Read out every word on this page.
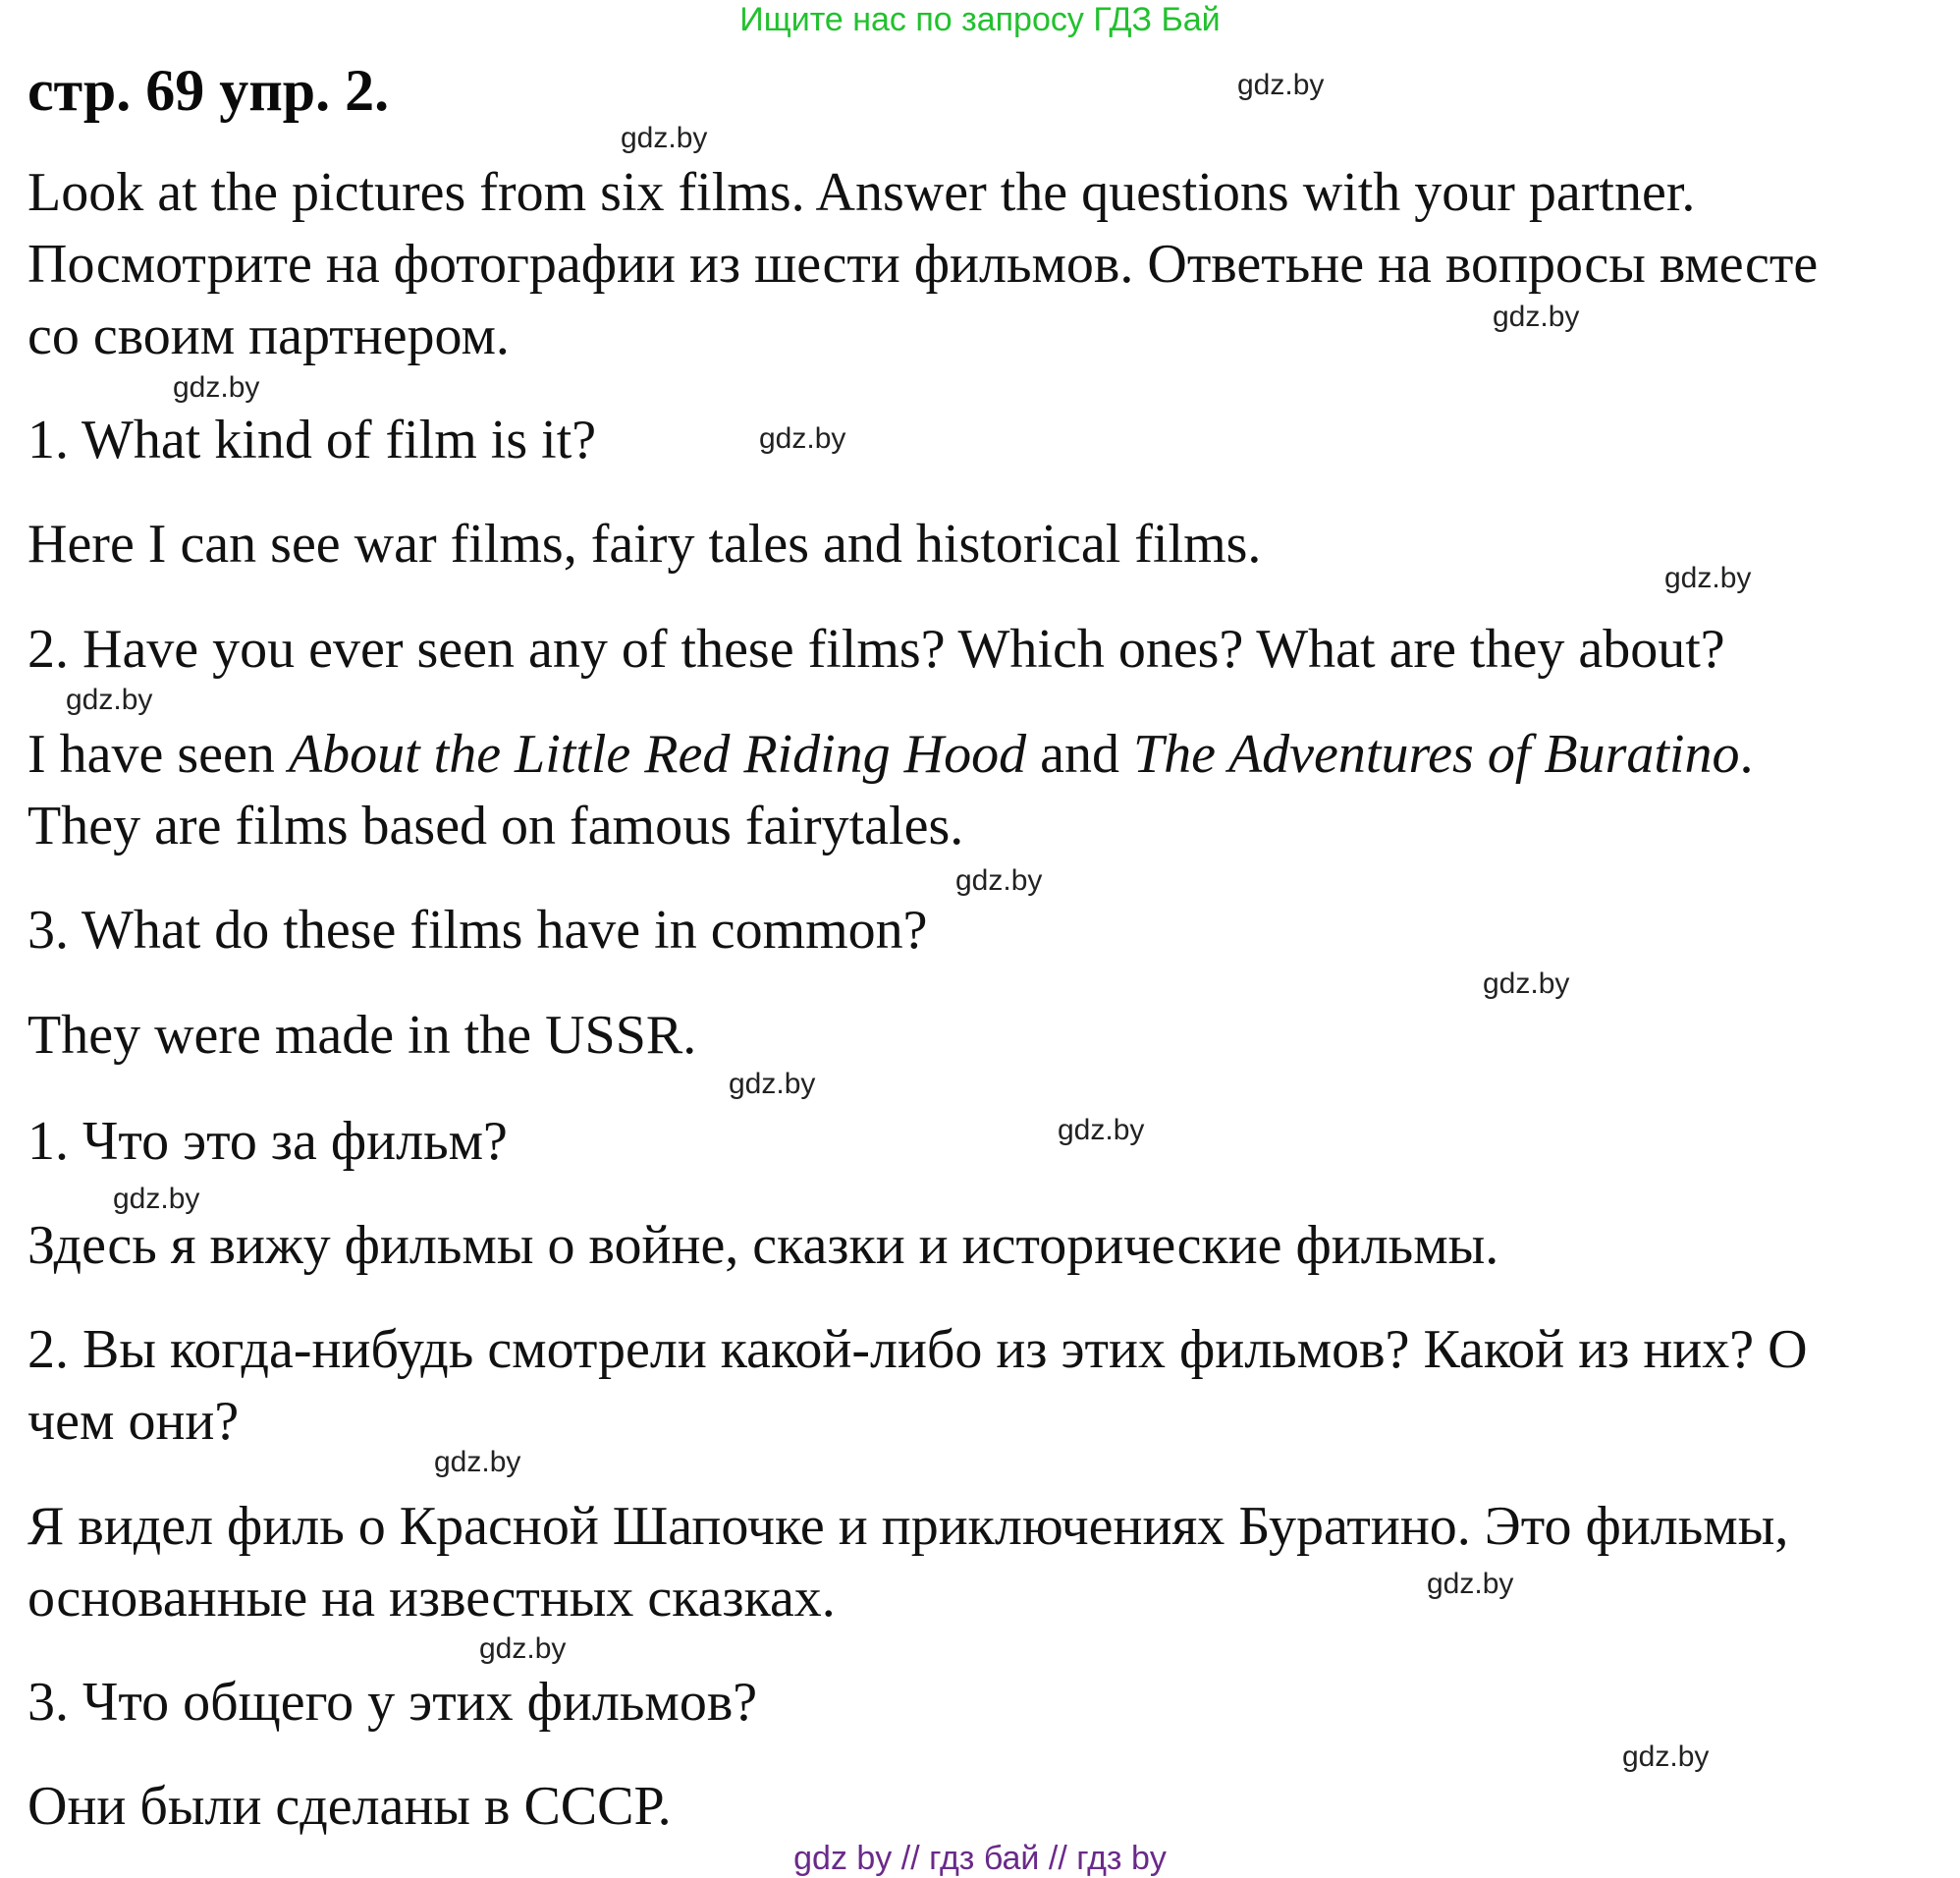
Ищите нас по запросу ГДЗ Бай
стр. 69 упр. 2.
Look at the pictures from six films. Answer the questions with your partner.
Посмотрите на фотографии из шести фильмов. Ответьне на вопросы вместе
со своим партнером.
1. What kind of film is it?
Here I can see war films, fairy tales and historical films.
2. Have you ever seen any of these films? Which ones? What are they about?
I have seen About the Little Red Riding Hood and The Adventures of Buratino.
They are films based on famous fairytales.
3. What do these films have in common?
They were made in the USSR.
1. Что это за фильм?
Здесь я вижу фильмы о войне, сказки и исторические фильмы.
2. Вы когда-нибудь смотрели какой-либо из этих фильмов? Какой из них? О
чем они?
Я видел филь о Красной Шапочке и приключениях Буратино. Это фильмы,
основанные на известных сказках.
3. Что общего у этих фильмов?
Они были сделаны в СССР.
gdz.by
gdz.by
gdz.by
gdz.by
gdz.by
gdz.by
gdz.by
gdz.by
gdz.by
gdz.by
gdz.by
gdz.by
gdz.by
gdz.by
gdz.by
gdz.by
gdz by // гдз бай // гдз by
